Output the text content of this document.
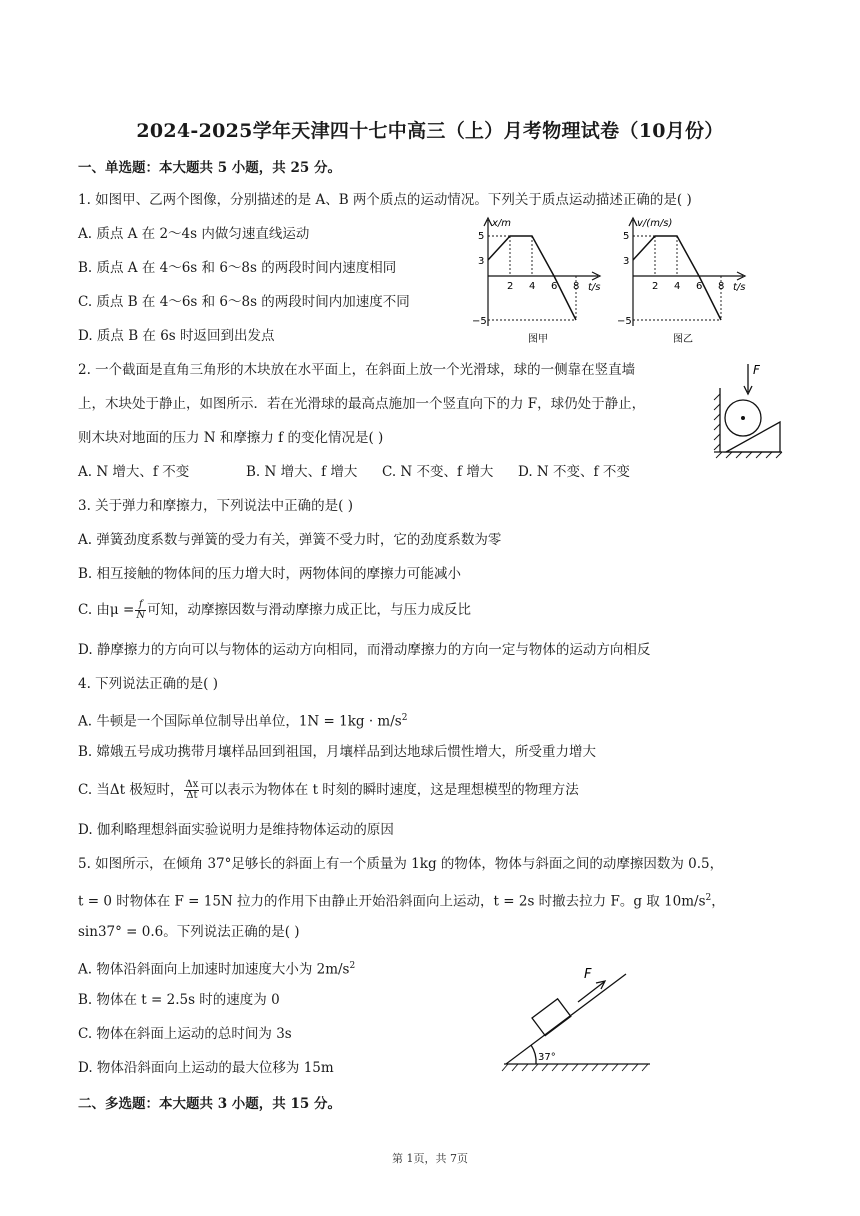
2024-2025学年天津四十七中高三（上）月考物理试卷（10月份）
一、单选题：本大题共 5 小题，共 25 分。
1. 如图甲、乙两个图像，分别描述的是 A、B 两个质点的运动情况。下列关于质点运动描述正确的是( )
A. 质点 A 在 2～4s 内做匀速直线运动
B. 质点 A 在 4～6s 和 6～8s 的两段时间内速度相同
C. 质点 B 在 4～6s 和 6～8s 的两段时间内加速度不同
D. 质点 B 在 6s 时返回到出发点
x/m
5
3
−5
2 4 6 8 t/s
图甲
v/(m/s)
5
3
−5
2 4 6 8 t/s
图乙
2. 一个截面是直角三角形的木块放在水平面上，在斜面上放一个光滑球，球的一侧靠在竖直墙
上，木块处于静止，如图所示．若在光滑球的最高点施加一个竖直向下的力 F，球仍处于静止，
则木块对地面的压力 N 和摩擦力 f 的变化情况是( )
A. N 增大、f 不变	B. N 增大、f 增大 C. N 不变、f 增大 D. N 不变、f 不变
F
3. 关于弹力和摩擦力，下列说法中正确的是( )
A. 弹簧劲度系数与弹簧的受力有关，弹簧不受力时，它的劲度系数为零
B. 相互接触的物体间的压力增大时，两物体间的摩擦力可能减小
C. 由$\mu = \frac{f}{N}$ 可知，动摩擦因数与滑动摩擦力成正比，与压力成反比
D. 静摩擦力的方向可以与物体的运动方向相同，而滑动摩擦力的方向一定与物体的运动方向相反
4. 下列说法正确的是( )
A. 牛顿是一个国际单位制导出单位，$1N = 1kg \cdot m/s^2$
B. 嫦娥五号成功携带月壤样品回到祖国，月壤样品到达地球后惯性增大，所受重力增大
C. 当Δt 极短时， $\frac{\Delta x}{\Delta t}$ 可以表示为物体在 t 时刻的瞬时速度，这是理想模型的物理方法
D. 伽利略理想斜面实验说明力是维持物体运动的原因
5. 如图所示，在倾角 37°足够长的斜面上有一个质量为 1kg 的物体，物体与斜面之间的动摩擦因数为 0.5，
t = 0 时物体在 F = 15N 拉力的作用下由静止开始沿斜面向上运动，t = 2s 时撤去拉力 F。g 取 $10m/s^2$，
sin37° = 0.6。下列说法正确的是( )
A. 物体沿斜面向上加速时加速度大小为 $2m/s^2$
B. 物体在 t = 2.5s 时的速度为 0
C. 物体在斜面上运动的总时间为 3s
D. 物体沿斜面向上运动的最大位移为 15m
F
37°
二、多选题：本大题共 3 小题，共 15 分。
第 1页，共 7页
